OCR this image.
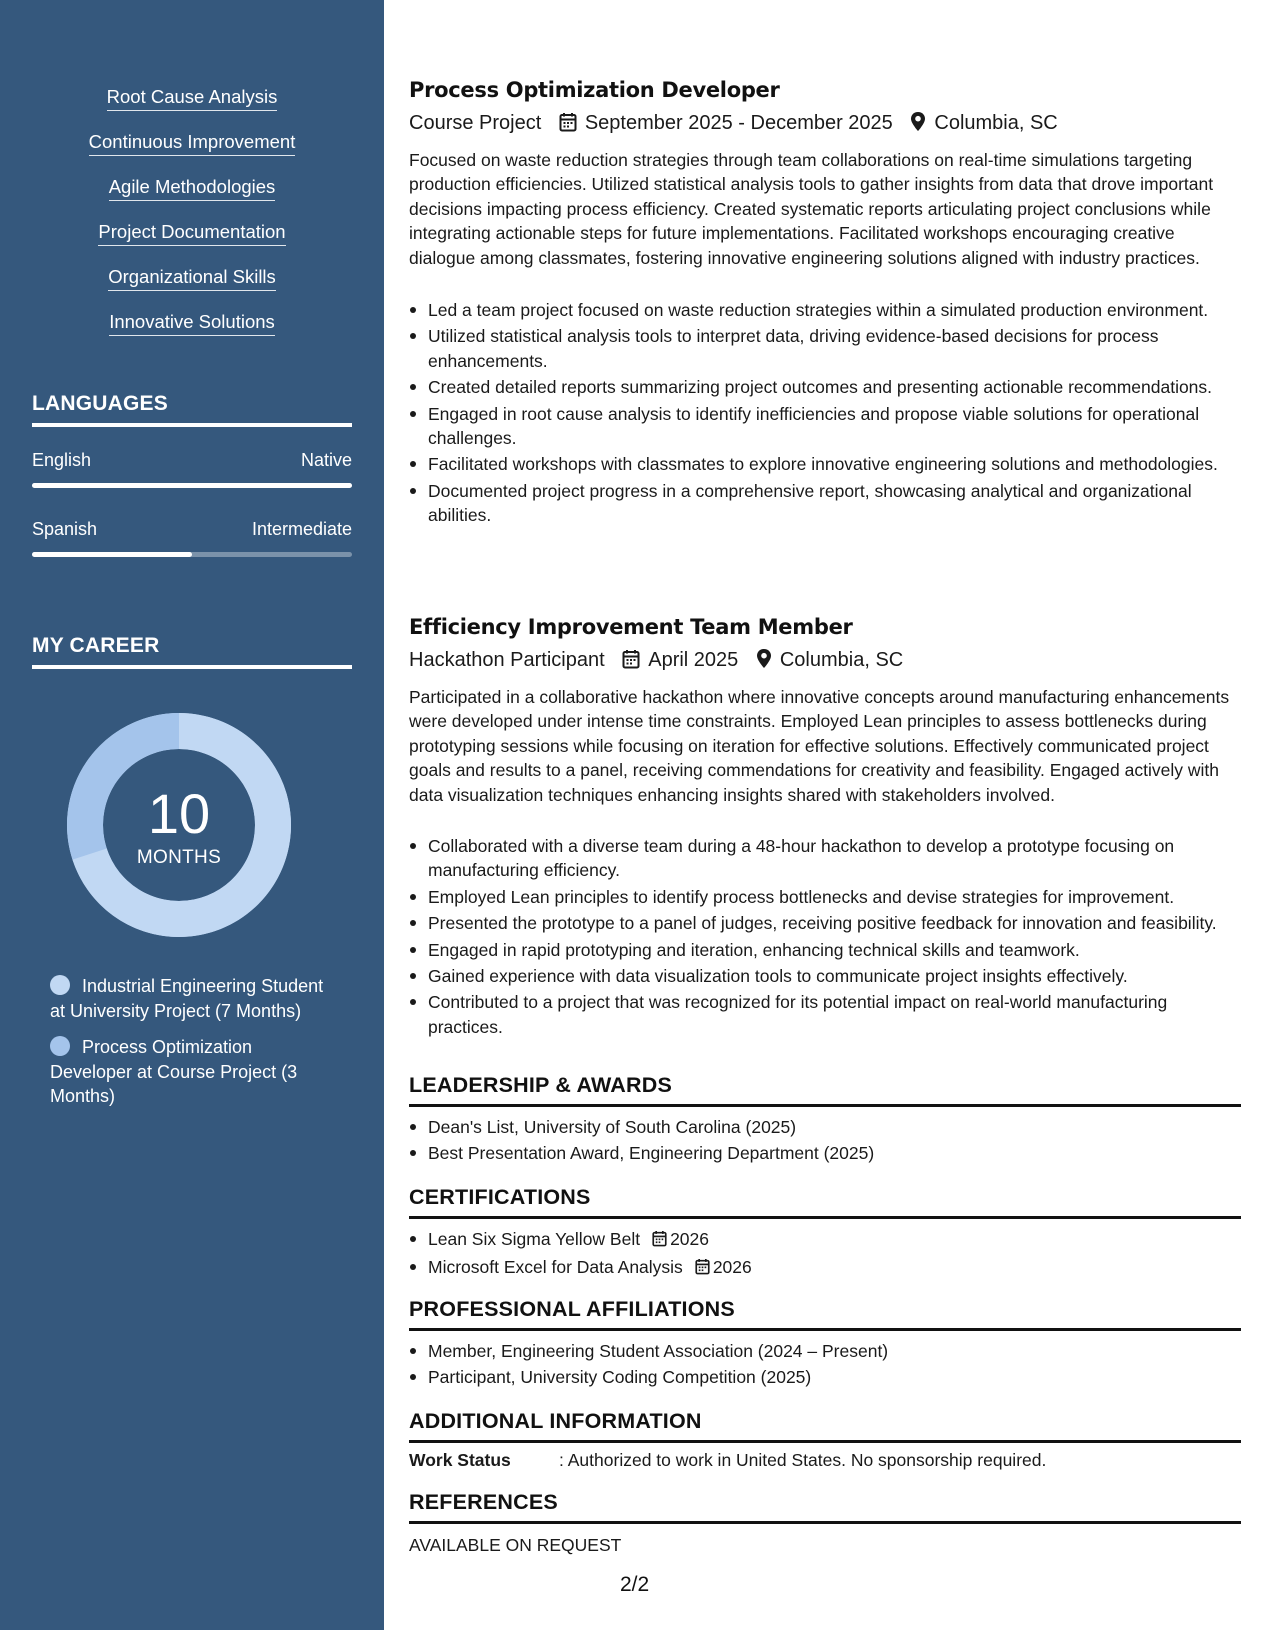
Root Cause Analysis
Continuous Improvement
Agile Methodologies
Project Documentation
Organizational Skills
Innovative Solutions
LANGUAGES
English	Native
Spanish	Intermediate
MY CAREER
10
MONTHS
Industrial Engineering Student at University Project (7 Months)
Process Optimization Developer at Course Project (3 Months)
Process Optimization Developer
Course Project September 2025 - December 2025 Columbia, SC
Focused on waste reduction strategies through team collaborations on real-time simulations targeting production efficiencies. Utilized statistical analysis tools to gather insights from data that drove important decisions impacting process efficiency. Created systematic reports articulating project conclusions while integrating actionable steps for future implementations. Facilitated workshops encouraging creative dialogue among classmates, fostering innovative engineering solutions aligned with industry practices.
Led a team project focused on waste reduction strategies within a simulated production environment.
Utilized statistical analysis tools to interpret data, driving evidence-based decisions for process enhancements.
Created detailed reports summarizing project outcomes and presenting actionable recommendations.
Engaged in root cause analysis to identify inefficiencies and propose viable solutions for operational challenges.
Facilitated workshops with classmates to explore innovative engineering solutions and methodologies.
Documented project progress in a comprehensive report, showcasing analytical and organizational abilities.
Efficiency Improvement Team Member
Hackathon Participant April 2025 Columbia, SC
Participated in a collaborative hackathon where innovative concepts around manufacturing enhancements were developed under intense time constraints. Employed Lean principles to assess bottlenecks during prototyping sessions while focusing on iteration for effective solutions. Effectively communicated project goals and results to a panel, receiving commendations for creativity and feasibility. Engaged actively with data visualization techniques enhancing insights shared with stakeholders involved.
Collaborated with a diverse team during a 48-hour hackathon to develop a prototype focusing on manufacturing efficiency.
Employed Lean principles to identify process bottlenecks and devise strategies for improvement.
Presented the prototype to a panel of judges, receiving positive feedback for innovation and feasibility.
Engaged in rapid prototyping and iteration, enhancing technical skills and teamwork.
Gained experience with data visualization tools to communicate project insights effectively.
Contributed to a project that was recognized for its potential impact on real-world manufacturing practices.
LEADERSHIP & AWARDS
Dean's List, University of South Carolina (2025)
Best Presentation Award, Engineering Department (2025)
CERTIFICATIONS
Lean Six Sigma Yellow Belt 2026
Microsoft Excel for Data Analysis 2026
PROFESSIONAL AFFILIATIONS
Member, Engineering Student Association (2024 – Present)
Participant, University Coding Competition (2025)
ADDITIONAL INFORMATION
Work Status	: Authorized to work in United States. No sponsorship required.
REFERENCES
AVAILABLE ON REQUEST
2/2
